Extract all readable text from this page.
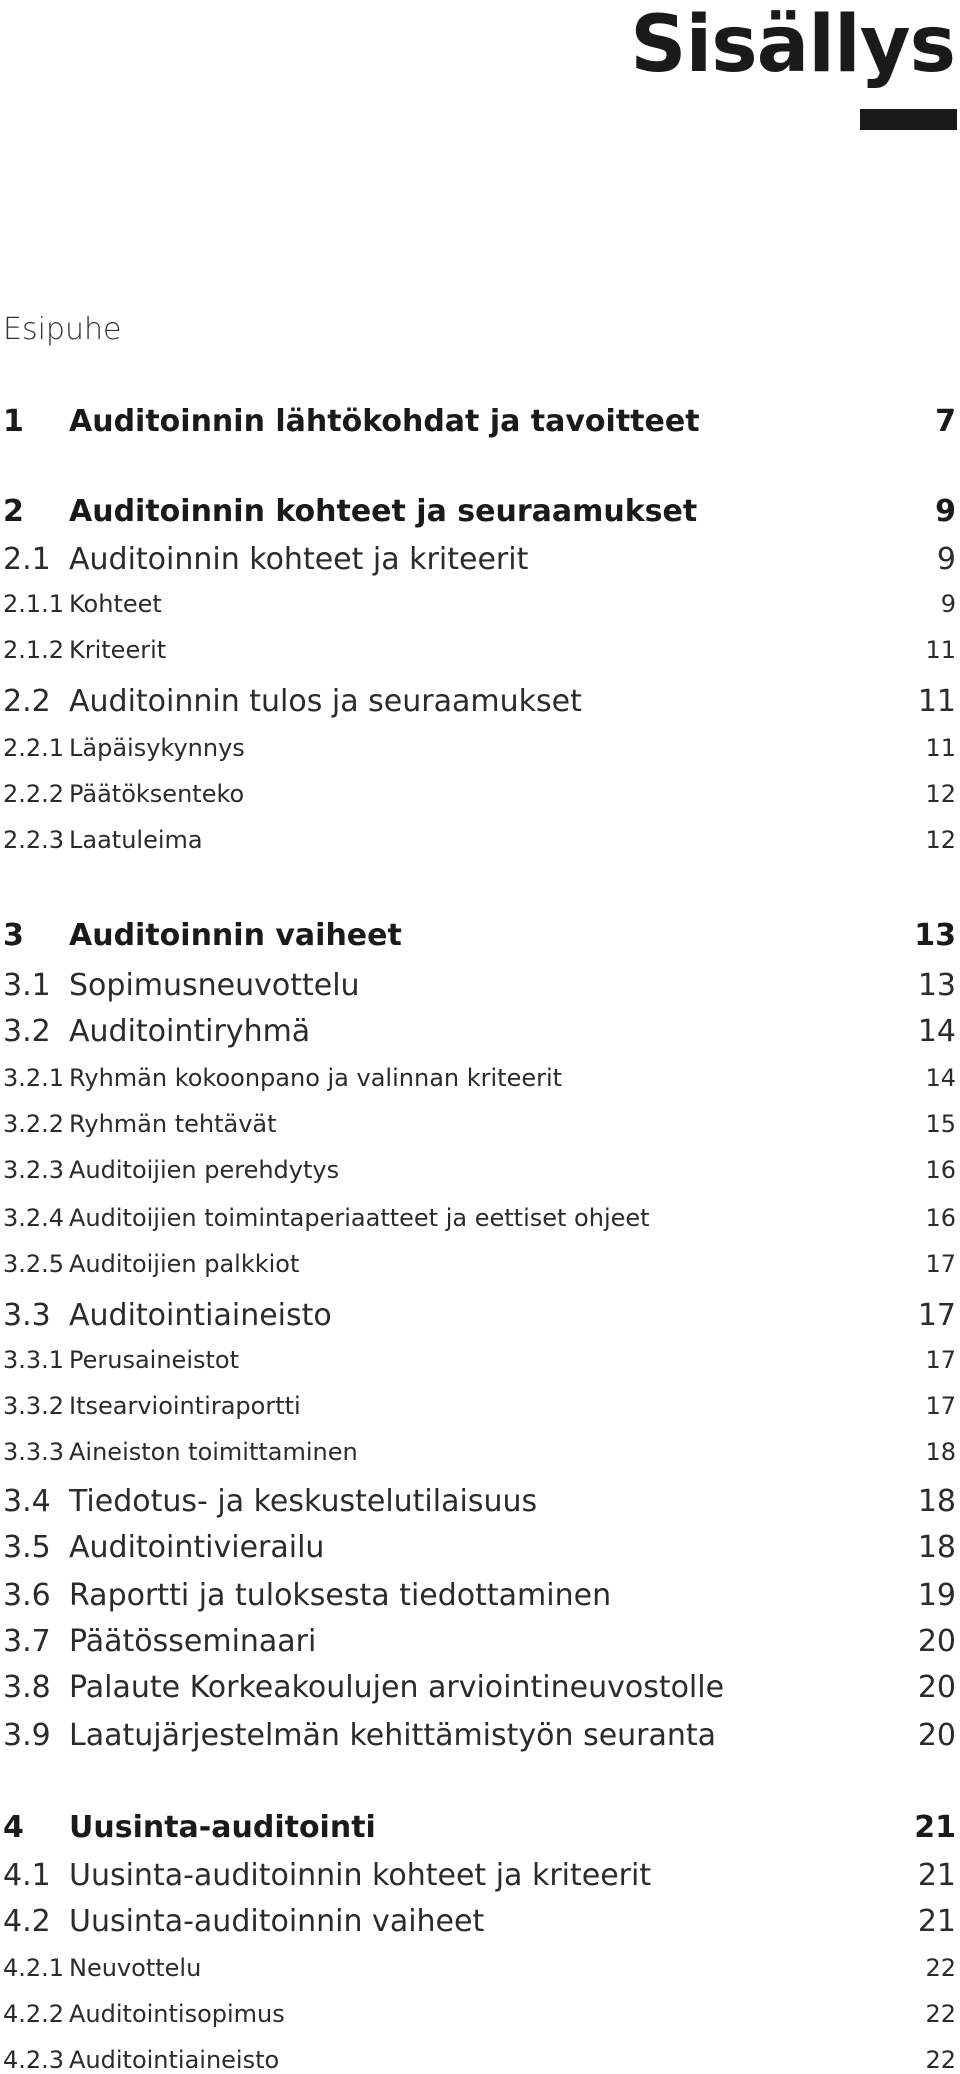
Sisällys
Esipuhe
1	Auditoinnin lähtökohdat ja tavoitteet	7
2	Auditoinnin kohteet ja seuraamukset	9
2.1 Auditoinnin kohteet ja kriteerit	9
2.1.1 Kohteet	9
2.1.2 Kriteerit	11
2.2 Auditoinnin tulos ja seuraamukset	11
2.2.1 Läpäisykynnys	11
2.2.2 Päätöksenteko	12
2.2.3 Laatuleima	12
3	Auditoinnin vaiheet	13
3.1 Sopimusneuvottelu	13
3.2 Auditointiryhmä	14
3.2.1 Ryhmän kokoonpano ja valinnan kriteerit	14
3.2.2 Ryhmän tehtävät	15
3.2.3 Auditoijien perehdytys	16
3.2.4 Auditoijien toimintaperiaatteet ja eettiset ohjeet	16
3.2.5 Auditoijien palkkiot	17
3.3 Auditointiaineisto	17
3.3.1 Perusaineistot	17
3.3.2 Itsearviointiraportti	17
3.3.3 Aineiston toimittaminen	18
3.4 Tiedotus- ja keskustelutilaisuus	18
3.5 Auditointivierailu	18
3.6 Raportti ja tuloksesta tiedottaminen	19
3.7 Päätösseminaari	20
3.8 Palaute Korkeakoulujen arviointineuvostolle	20
3.9 Laatujärjestelmän kehittämistyön seuranta	20
4	Uusinta-auditointi	21
4.1 Uusinta-auditoinnin kohteet ja kriteerit	21
4.2 Uusinta-auditoinnin vaiheet	21
4.2.1 Neuvottelu	22
4.2.2 Auditointisopimus	22
4.2.3 Auditointiaineisto	22
